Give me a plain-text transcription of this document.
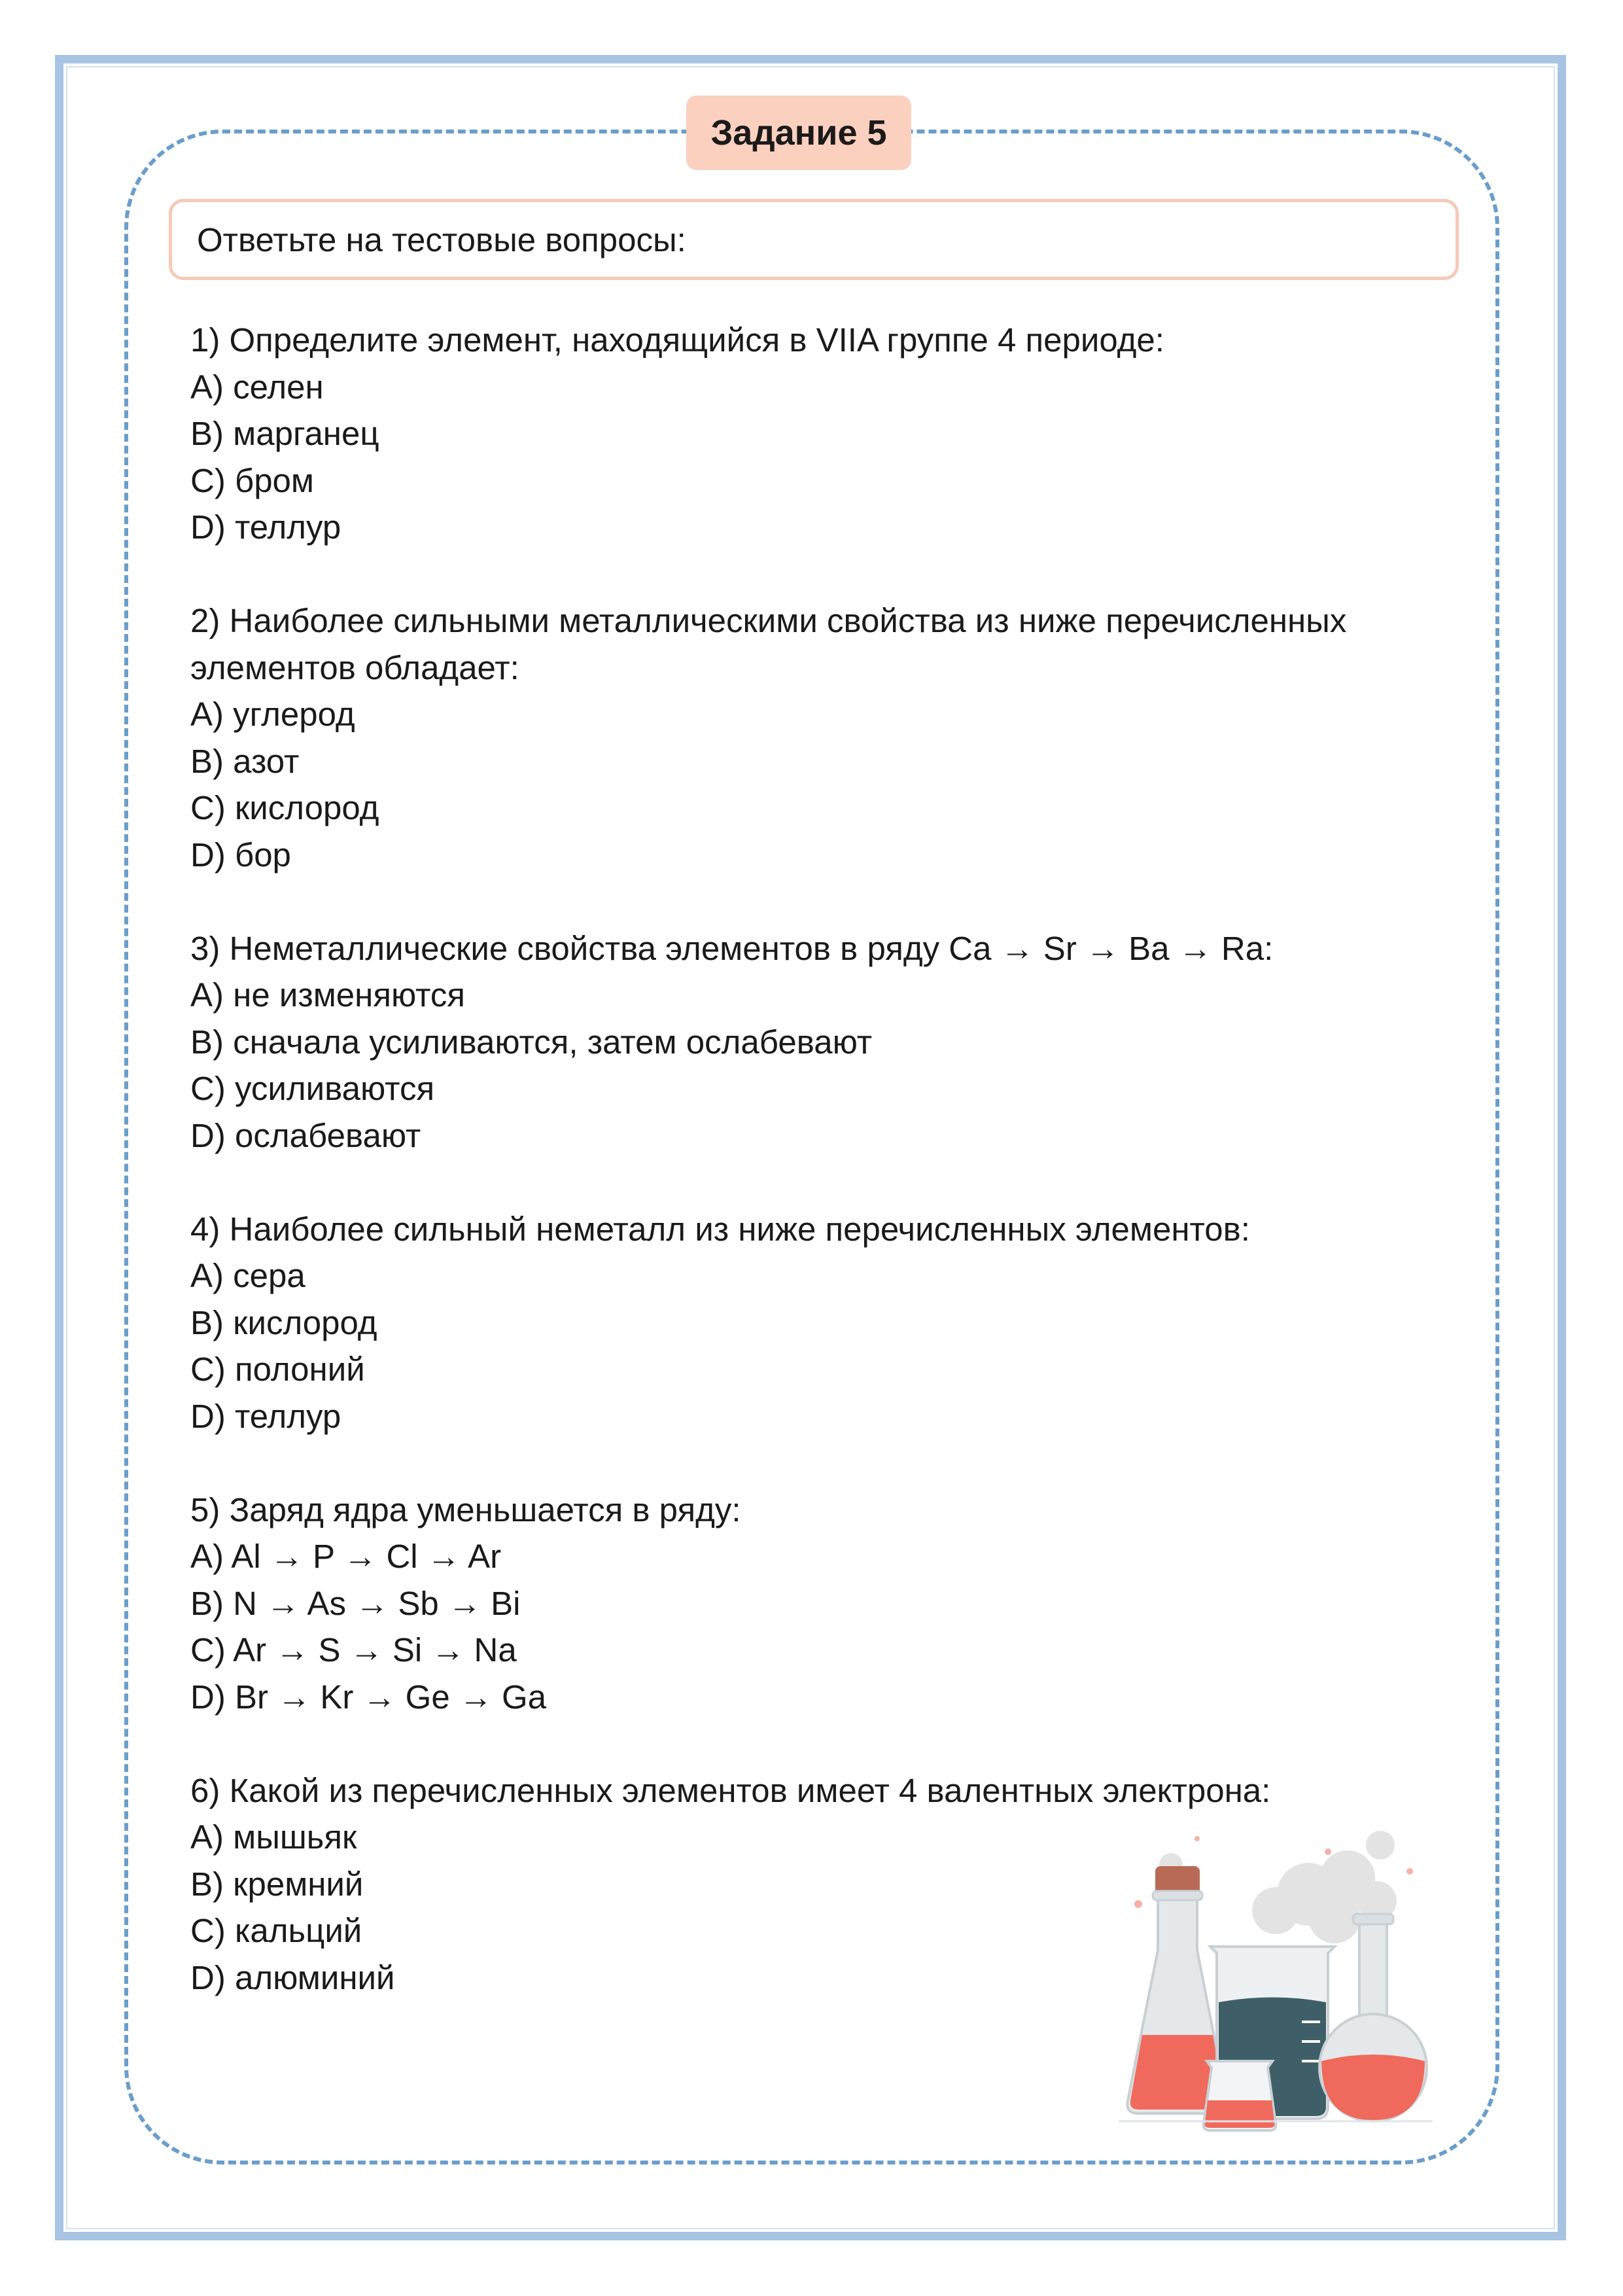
Задание 5
Ответьте на тестовые вопросы:
1) Определите элемент, находящийся в VIIA группе 4 периоде:
A) селен
B) марганец
C) бром
D) теллур
2) Наиболее сильными металлическими свойства из ниже перечисленных элементов обладает:
A) углерод
B) азот
C) кислород
D) бор
3) Неметаллические свойства элементов в ряду Ca → Sr → Ba → Ra:
A) не изменяются
B) сначала усиливаются, затем ослабевают
C) усиливаются
D) ослабевают
4) Наиболее сильный неметалл из ниже перечисленных элементов:
A) сера
B) кислород
C) полоний
D) теллур
5) Заряд ядра уменьшается в ряду:
A) Al → P → Cl → Ar
B) N → As → Sb → Bi
C) Ar → S → Si → Na
D) Br → Kr → Ge → Ga
6) Какой из перечисленных элементов имеет 4 валентных электрона:
A) мышьяк
B) кремний
C) кальций
D) алюминий
